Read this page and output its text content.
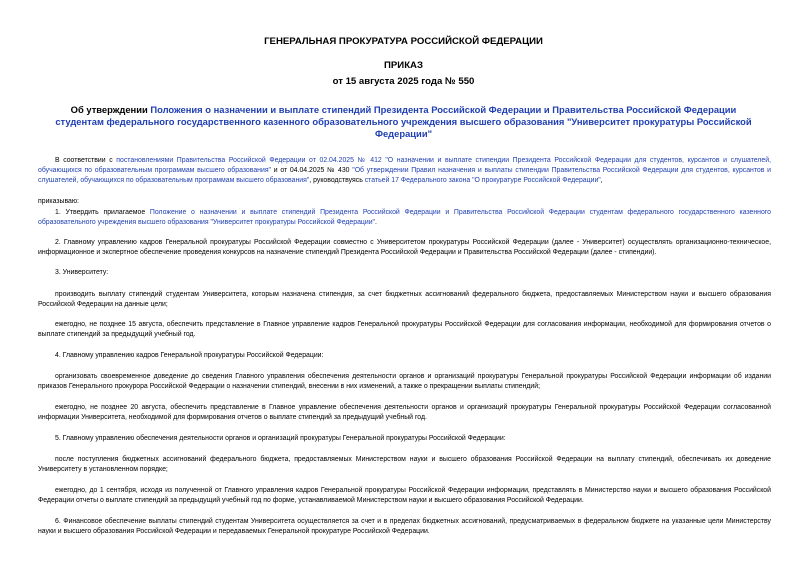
ГЕНЕРАЛЬНАЯ ПРОКУРАТУРА РОССИЙСКОЙ ФЕДЕРАЦИИ
ПРИКАЗ
от 15 августа 2025 года № 550
Об утверждении Положения о назначении и выплате стипендий Президента Российской Федерации и Правительства Российской Федерации студентам федерального государственного казенного образовательного учреждения высшего образования "Университет прокуратуры Российской Федерации"

В соответствии с постановлениями Правительства Российской Федерации от 02.04.2025 № 412 "О назначении и выплате стипендии Президента Российской Федерации для студентов, курсантов и слушателей, обучающихся по образовательным программам высшего образования" и от 04.04.2025 № 430 "Об утверждении Правил назначения и выплаты стипендии Правительства Российской Федерации для студентов, курсантов и слушателей, обучающихся по образовательным программам высшего образования", руководствуясь статьей 17 Федерального закона "О прокуратуре Российской Федерации",

приказываю:

1. Утвердить прилагаемое Положение о назначении и выплате стипендий Президента Российской Федерации и Правительства Российской Федерации студентам федерального государственного казенного образовательного учреждения высшего образования "Университет прокуратуры Российской Федерации".

2. Главному управлению кадров Генеральной прокуратуры Российской Федерации совместно с Университетом прокуратуры Российской Федерации (далее - Университет) осуществлять организационно-техническое, информационное и экспертное обеспечение проведения конкурсов на назначение стипендий Президента Российской Федерации и Правительства Российской Федерации (далее - стипендии).

3. Университету:

производить выплату стипендий студентам Университета, которым назначена стипендия, за счет бюджетных ассигнований федерального бюджета, предоставляемых Министерством науки и высшего образования Российской Федерации на данные цели;

ежегодно, не позднее 15 августа, обеспечить представление в Главное управление кадров Генеральной прокуратуры Российской Федерации для согласования информации, необходимой для формирования отчетов о выплате стипендий за предыдущий учебный год.

4. Главному управлению кадров Генеральной прокуратуры Российской Федерации:

организовать своевременное доведение до сведения Главного управления обеспечения деятельности органов и организаций прокуратуры Генеральной прокуратуры Российской Федерации информации об издании приказов Генерального прокурора Российской Федерации о назначении стипендий, внесении в них изменений, а также о прекращении выплаты стипендий;

ежегодно, не позднее 20 августа, обеспечить представление в Главное управление обеспечения деятельности органов и организаций прокуратуры Генеральной прокуратуры Российской Федерации согласованной информации Университета, необходимой для формирования отчетов о выплате стипендий за предыдущий учебный год.

5. Главному управлению обеспечения деятельности органов и организаций прокуратуры Генеральной прокуратуры Российской Федерации:

после поступления бюджетных ассигнований федерального бюджета, предоставляемых Министерством науки и высшего образования Российской Федерации на выплату стипендий, обеспечивать их доведение Университету в установленном порядке;

ежегодно, до 1 сентября, исходя из полученной от Главного управления кадров Генеральной прокуратуры Российской Федерации информации, представлять в Министерство науки и высшего образования Российской Федерации отчеты о выплате стипендий за предыдущий учебный год по форме, устанавливаемой Министерством науки и высшего образования Российской Федерации.

6. Финансовое обеспечение выплаты стипендий студентам Университета осуществляется за счет и в пределах бюджетных ассигнований, предусматриваемых в федеральном бюджете на указанные цели Министерству науки и высшего образования Российской Федерации и передаваемых Генеральной прокуратуре Российской Федерации.
